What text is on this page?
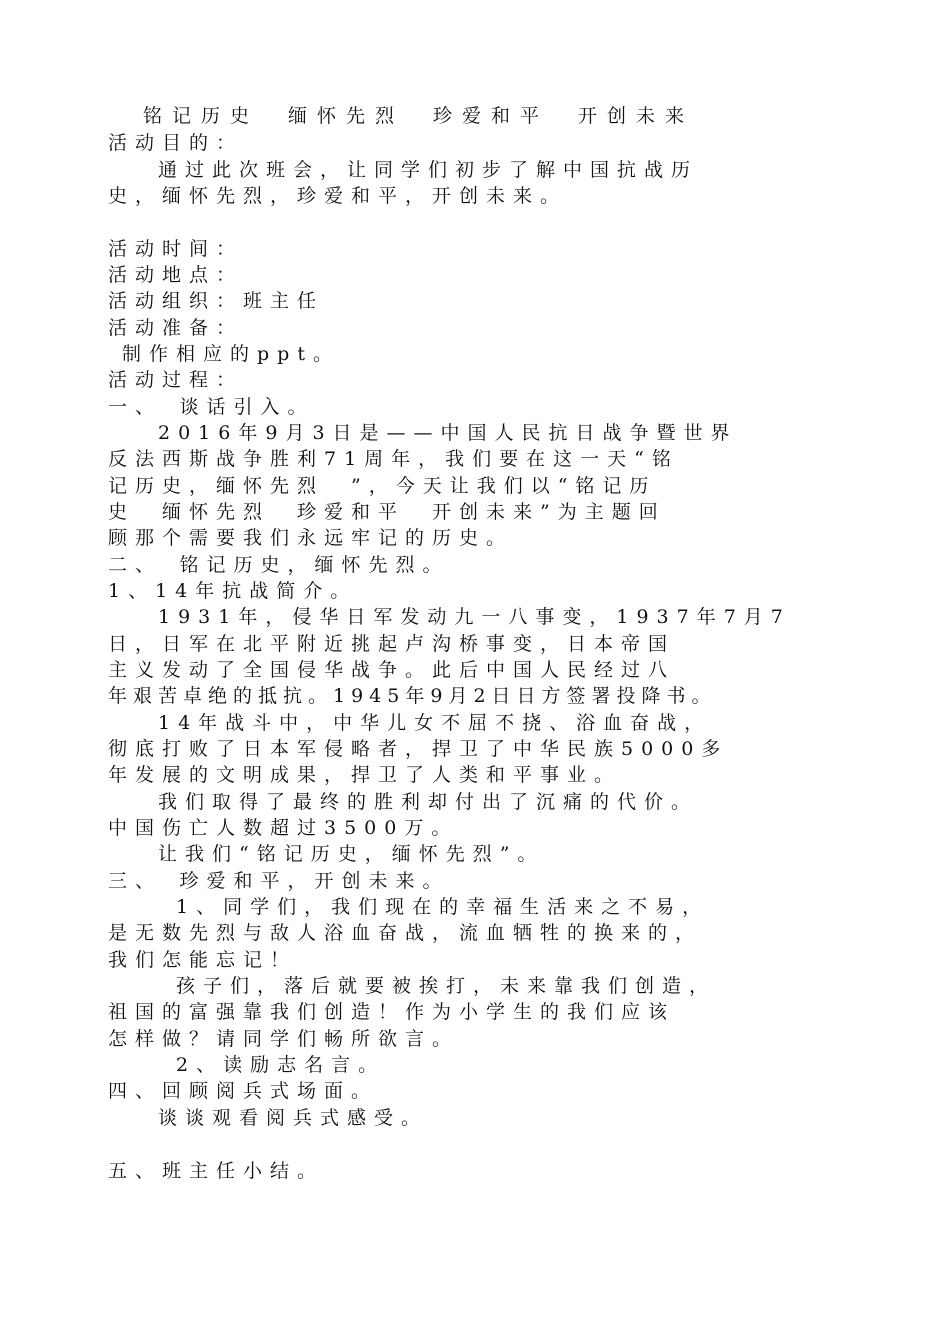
铭记历史　缅怀先烈　珍爱和平　开创未来
活动目的：
通过此次班会，让同学们初步了解中国抗战历
史，缅怀先烈，珍爱和平，开创未来。
活动时间：
活动地点：
活动组织：班主任
活动准备：
制作相应的ppt。
活动过程：
一、　谈话引入。
2016年9月3日是——中国人民抗日战争暨世界
反法西斯战争胜利71周年，我们要在这一天“铭
记历史，缅怀先烈　”，今天让我们以“铭记历
史　缅怀先烈　珍爱和平　开创未来”为主题回
顾那个需要我们永远牢记的历史。
二、　铭记历史，缅怀先烈。
1、14年抗战简介。
1931年，侵华日军发动九一八事变，1937年7月7
日，日军在北平附近挑起卢沟桥事变，日本帝国
主义发动了全国侵华战争。此后中国人民经过八
年艰苦卓绝的抵抗。1945年9月2日日方签署投降书。
14年战斗中，中华儿女不屈不挠、浴血奋战，
彻底打败了日本军侵略者，捍卫了中华民族5000多
年发展的文明成果，捍卫了人类和平事业。
我们取得了最终的胜利却付出了沉痛的代价。
中国伤亡人数超过3500万。
让我们“铭记历史，缅怀先烈”。
三、　珍爱和平，开创未来。
1、同学们，我们现在的幸福生活来之不易，
是无数先烈与敌人浴血奋战，流血牺牲的换来的，
我们怎能忘记！
孩子们，落后就要被挨打，未来靠我们创造，
祖国的富强靠我们创造！作为小学生的我们应该
怎样做？请同学们畅所欲言。
2、读励志名言。
四、回顾阅兵式场面。
谈谈观看阅兵式感受。
五、班主任小结。
